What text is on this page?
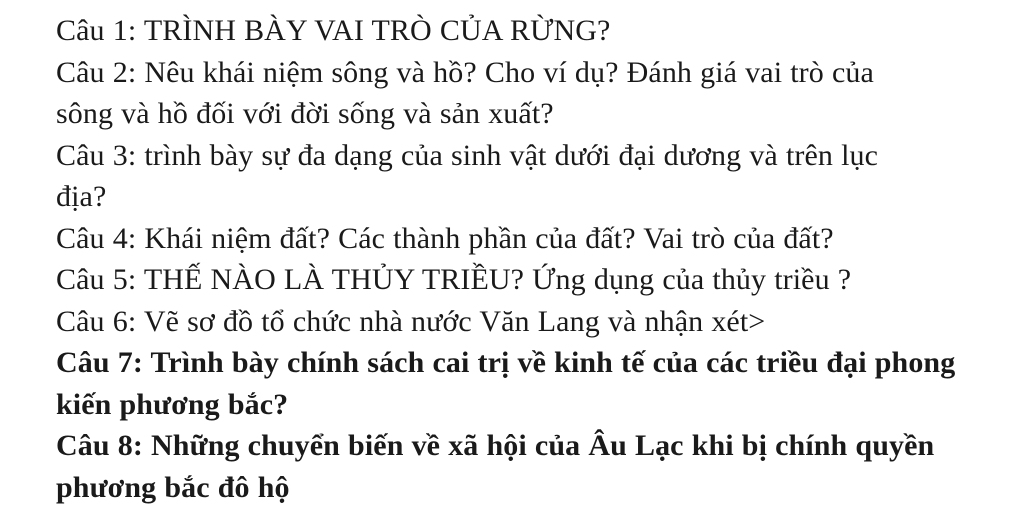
Câu 1: TRÌNH BÀY VAI TRÒ CỦA RỪNG?

Câu 2: Nêu khái niệm sông và hồ? Cho ví dụ? Đánh giá vai trò của

sông và hồ đối với đời sống và sản xuất?

Câu 3: trình bày sự đa dạng của sinh vật dưới đại dương và trên lục

địa?

Câu 4: Khái niệm đất? Các thành phần của đất? Vai trò của đất?

Câu 5: THẾ NÀO LÀ THỦY TRIỀU? Ứng dụng của thủy triều ?

Câu 6: Vẽ sơ đồ tổ chức nhà nước Văn Lang và nhận xét>

Câu 7: Trình bày chính sách cai trị về kinh tế của các triều đại phong

kiến phương bắc?

Câu 8: Những chuyển biến về xã hội của Âu Lạc khi bị chính quyền

phương bắc đô hộ
